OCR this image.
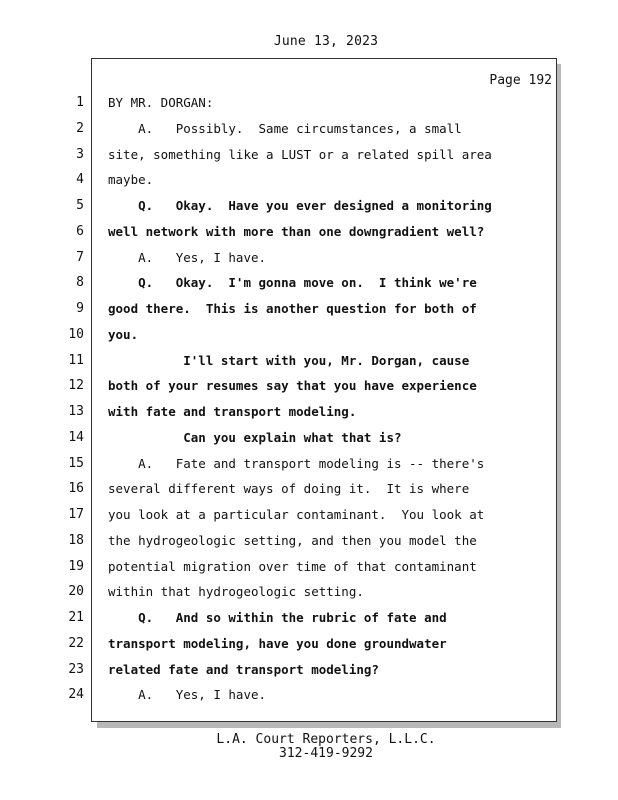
June 13, 2023
Page 192
1 BY MR. DORGAN:
2 A.   Possibly.  Same circumstances, a small
3 site, something like a LUST or a related spill area
4 maybe.
5 Q.   Okay.  Have you ever designed a monitoring
6 well network with more than one downgradient well?
7 A.   Yes, I have.
8 Q.   Okay.  I'm gonna move on.  I think we're
9 good there.  This is another question for both of
10 you.
11 I'll start with you, Mr. Dorgan, cause
12 both of your resumes say that you have experience
13 with fate and transport modeling.
14 Can you explain what that is?
15 A.   Fate and transport modeling is -- there's
16 several different ways of doing it.  It is where
17 you look at a particular contaminant.  You look at
18 the hydrogeologic setting, and then you model the
19 potential migration over time of that contaminant
20 within that hydrogeologic setting.
21 Q.   And so within the rubric of fate and
22 transport modeling, have you done groundwater
23 related fate and transport modeling?
24 A.   Yes, I have.
L.A. Court Reporters, L.L.C.
312-419-9292
